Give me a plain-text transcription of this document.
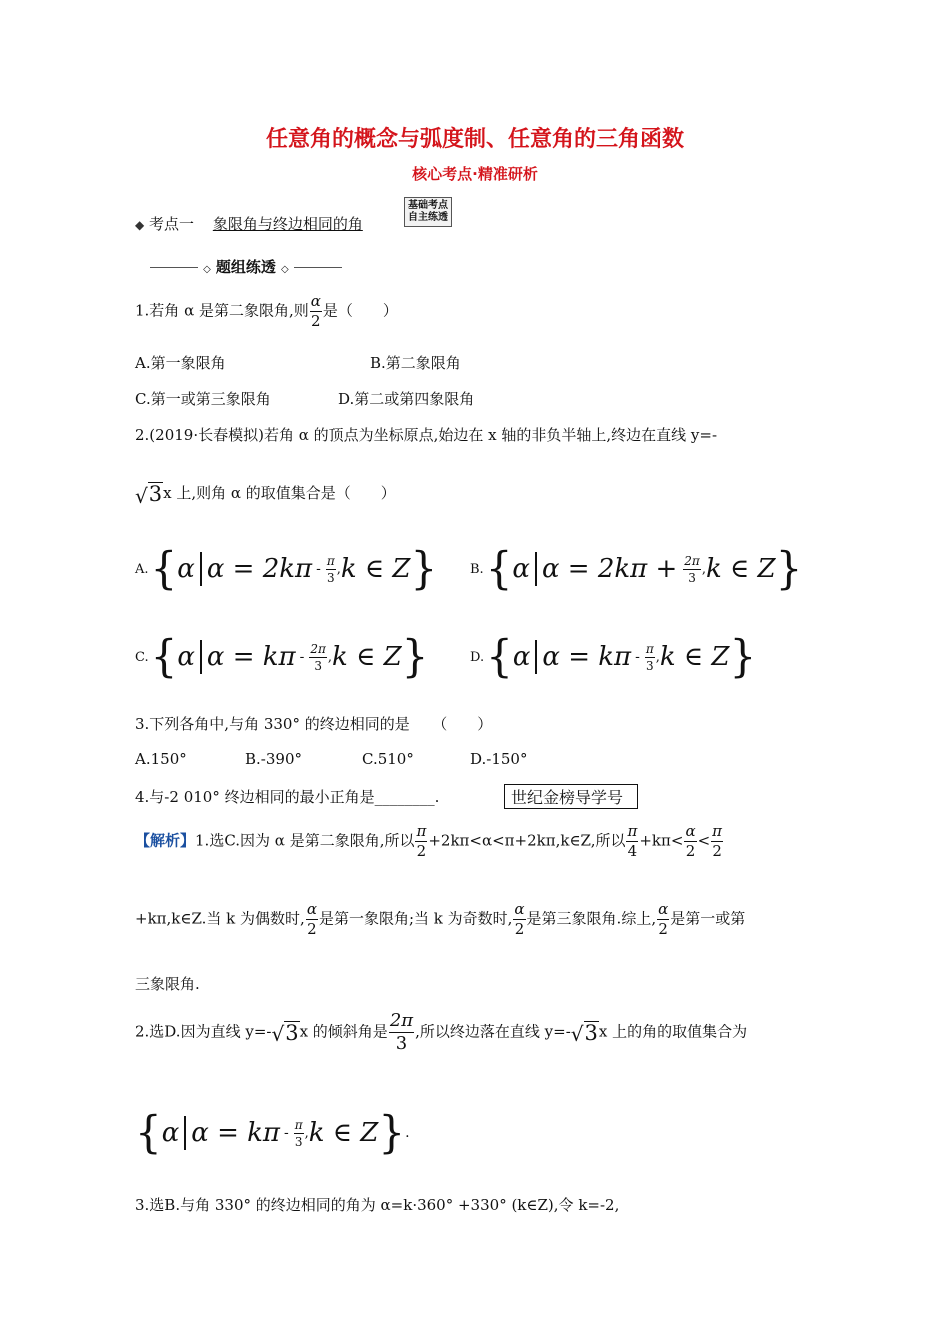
任意角的概念与弧度制、任意角的三角函数
核心考点·精准研析
◆ 考点一 象限角与终边相同的角
基础考点
自主练透
◇ 题组练透 ◇
1.若角 α 是第二象限角,则 $\frac{\alpha}{2}$ 是（　　）
A.第一象限角	B.第二象限角
C.第一或第三象限角	D.第二或第四象限角
2.(2019·长春模拟)若角 α 的顶点为坐标原点,始边在 x 轴的非负半轴上,终边在直线 y=-
√ 3 x 上,则角 α 的取值集合是（　　）
A. { α $\alpha = 2k\pi - \frac{\pi}{3}$ , k ∈ Z }	B. { α $\alpha = 2k\pi + \frac{2\pi}{3}$ , k ∈ Z }
C. { α $\alpha = k\pi - \frac{2\pi}{3}$ , k ∈ Z }	D. { α $\alpha = k\pi - \frac{\pi}{3}$ , k ∈ Z }
3.下列各角中,与角 330° 的终边相同的是　　（　　）
A.150°	B.-390°	C.510°	D.-150°
4.与-2 010° 终边相同的最小正角是________.	世纪金榜导学号
【解析】1.选C.因为 α 是第二象限角,所以 $\frac{\pi}{2}$ +2kπ<α<π+2kπ,k∈Z,所以 $\frac{\pi}{4} +k\pi< \frac{\alpha}{2} < \frac{\pi}{2}$
+kπ,k∈Z.当 k 为偶数时, $\frac{\alpha}{2}$ 是第一象限角;当 k 为奇数时, $\frac{\alpha}{2}$ 是第三象限角.综上, $\frac{\alpha}{2}$ 是第一或第
三象限角.
2.选D.因为直线 y=- √ 3 x 的倾斜角是 $\frac{2\pi}{3}$ ,所以终边落在直线 y=- √ 3 x 上的角的取值集合为
{ α $\alpha = k\pi - \frac{\pi}{3}$ , k ∈ Z } .
3.选B.与角 330° 的终边相同的角为 α=k·360° +330° (k∈Z),令 k=-2,
